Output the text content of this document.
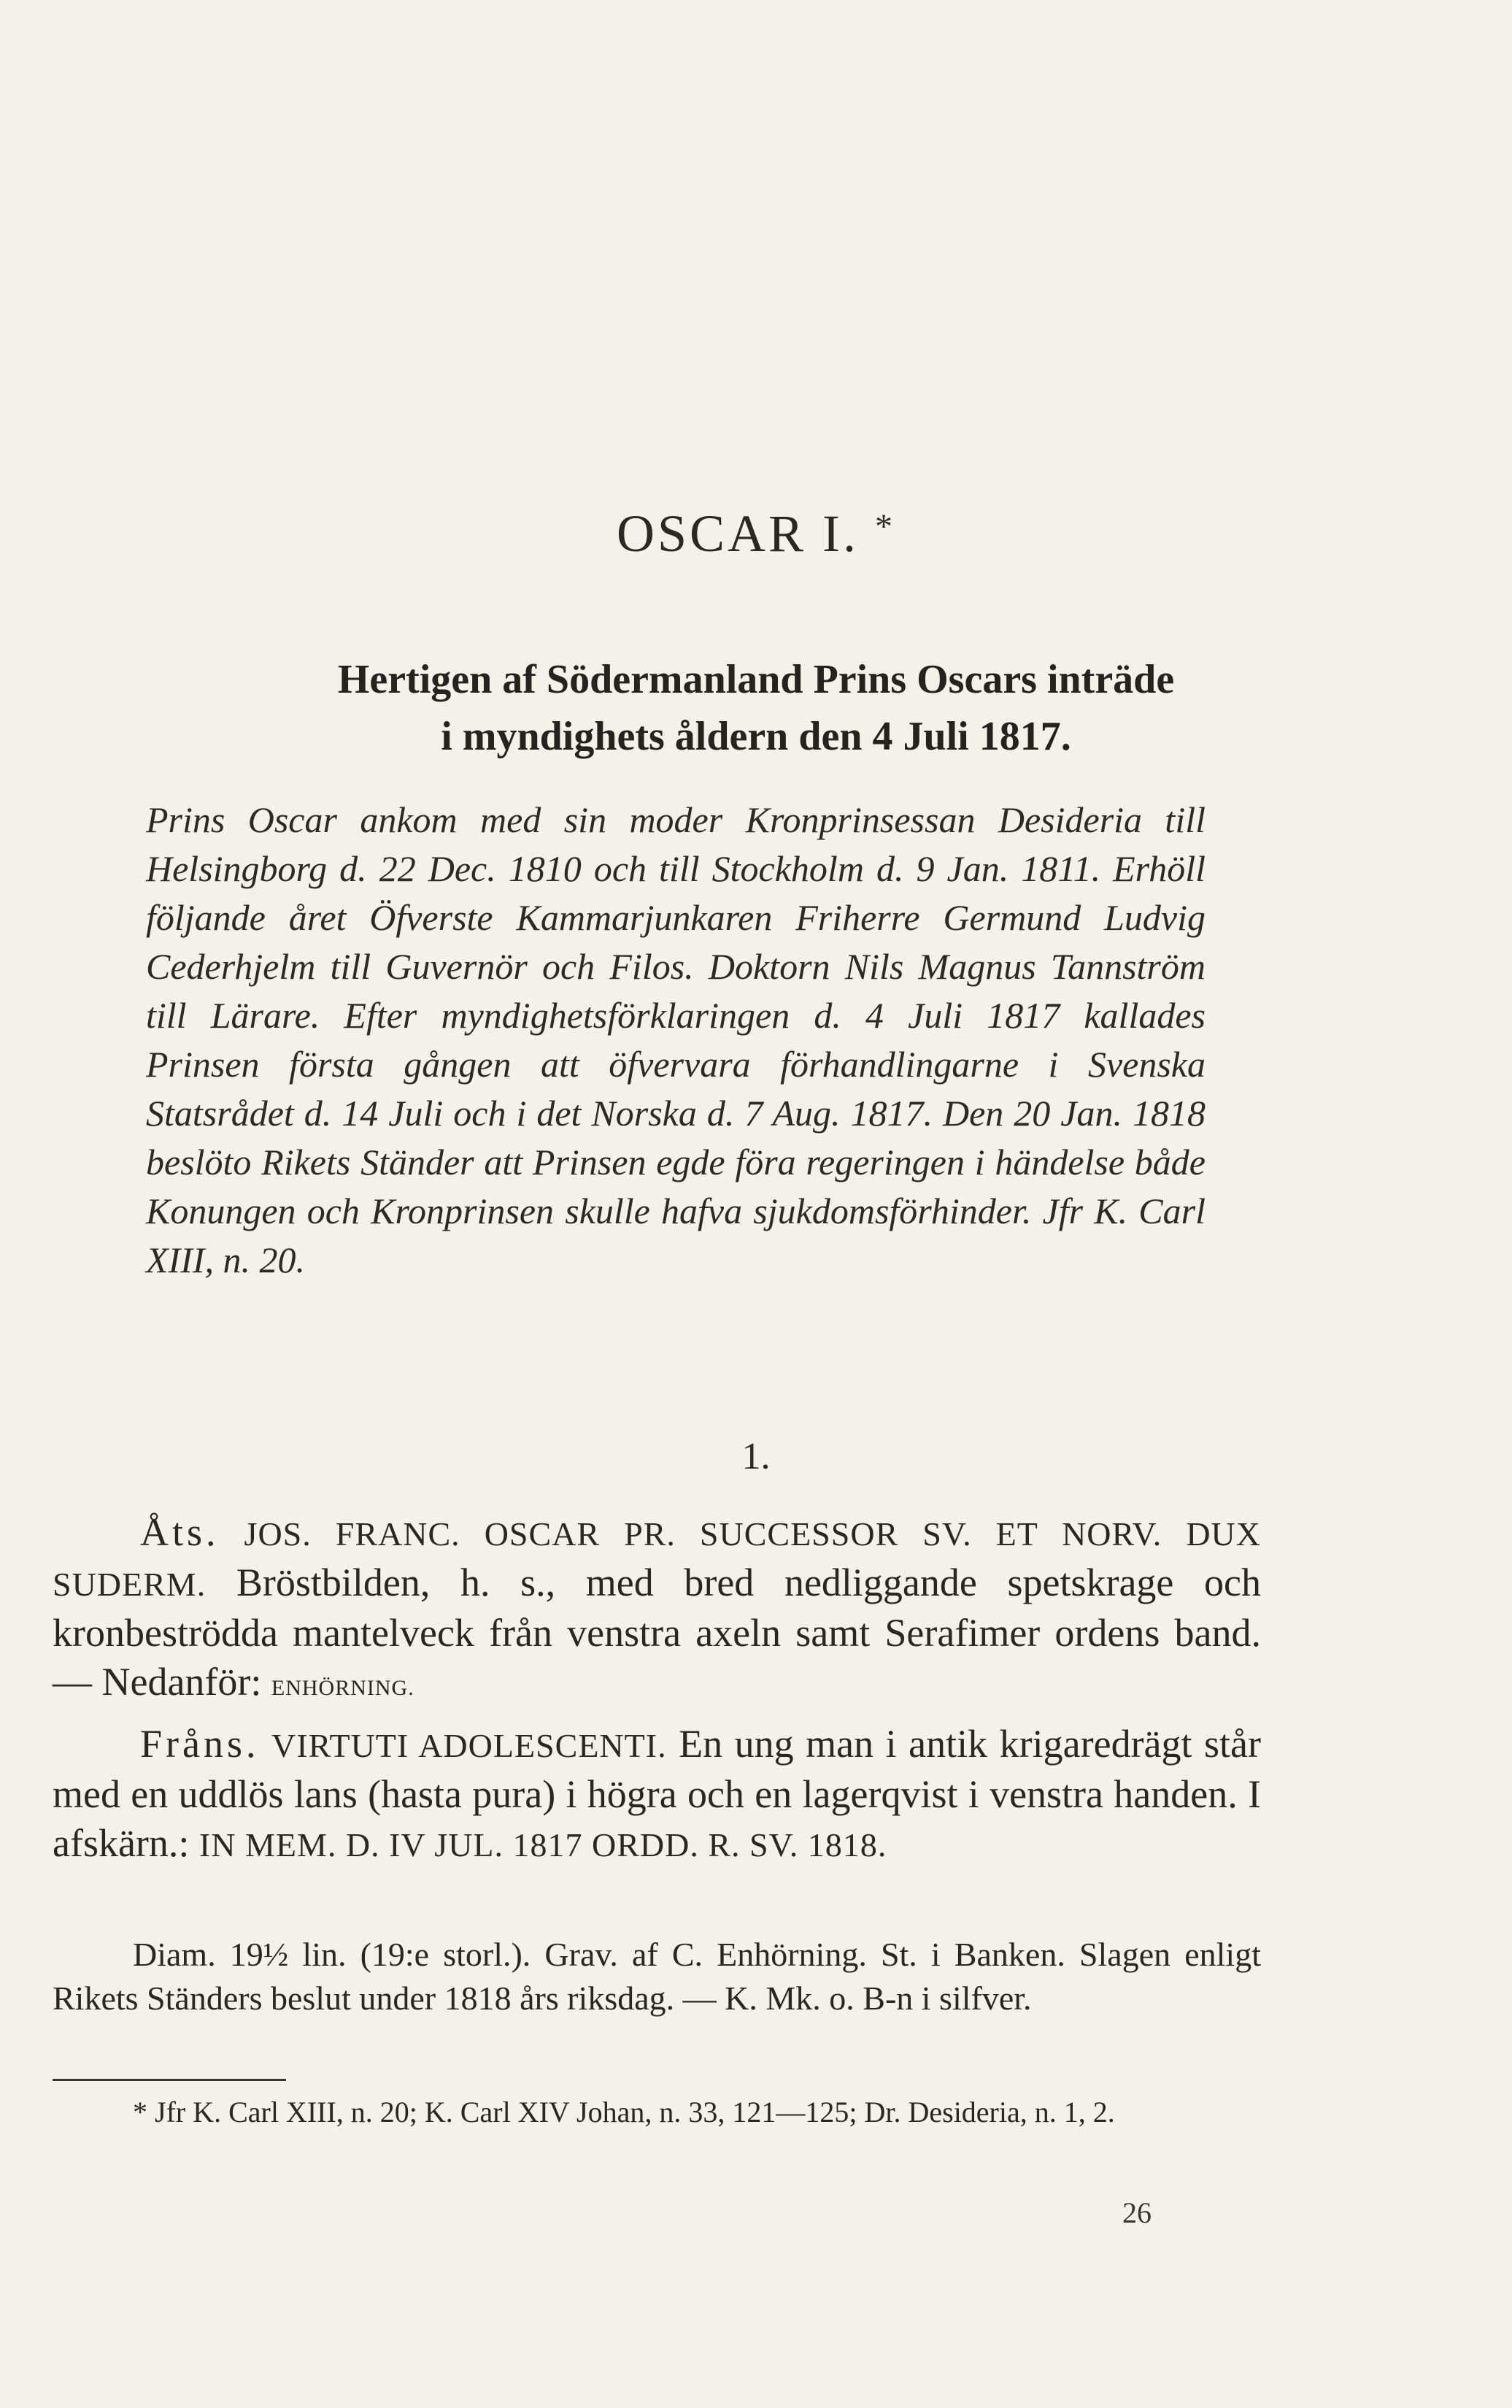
OSCAR I. *
Hertigen af Södermanland Prins Oscars inträde
i myndighets åldern den 4 Juli 1817.
Prins Oscar ankom med sin moder Kronprinsessan Desideria till Helsingborg d. 22 Dec. 1810 och till Stockholm d. 9 Jan. 1811. Erhöll följande året Öfverste Kammarjunkaren Friherre Germund Ludvig Cederhjelm till Guvernör och Filos. Doktorn Nils Magnus Tannström till Lärare. Efter myndighetsförklaringen d. 4 Juli 1817 kallades Prinsen första gången att öfvervara förhandlingarne i Svenska Statsrådet d. 14 Juli och i det Norska d. 7 Aug. 1817. Den 20 Jan. 1818 beslöto Rikets Ständer att Prinsen egde föra regeringen i händelse både Konungen och Kronprinsen skulle hafva sjukdomsförhinder. Jfr K. Carl XIII, n. 20.
1.
Åts. JOS. FRANC. OSCAR PR. SUCCESSOR SV. ET NORV. DUX SUDERM. Bröstbilden, h. s., med bred nedliggande spetskrage och kronbeströdda mantelveck från venstra axeln samt Serafimer ordens band. — Nedanför: ENHÖRNING.
Fråns. VIRTUTI ADOLESCENTI. En ung man i antik krigaredrägt står med en uddlös lans (hasta pura) i högra och en lagerqvist i venstra handen. I afskärn.: IN MEM. D. IV JUL. 1817 ORDD. R. SV. 1818.
Diam. 19½ lin. (19:e storl.). Grav. af C. Enhörning. St. i Banken. Slagen enligt Rikets Ständers beslut under 1818 års riksdag. — K. Mk. o. B-n i silfver.
* Jfr K. Carl XIII, n. 20; K. Carl XIV Johan, n. 33, 121—125; Dr. Desideria, n. 1, 2.
26
